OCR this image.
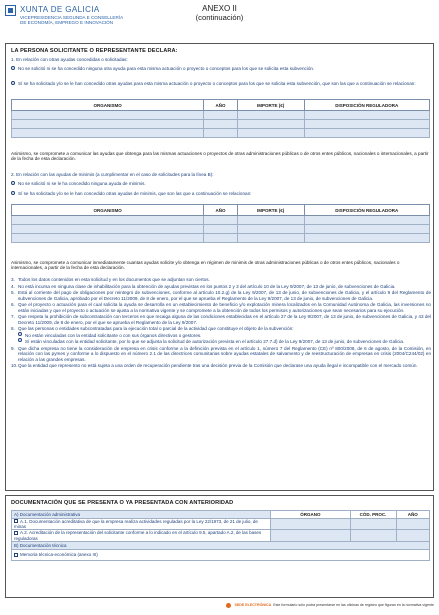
XUNTA DE GALICIA
VICEPRESIDENCIA SEGUNDA E CONSELLERÍA DE ECONOMÍA, EMPREGO E INNOVACIÓN
ANEXO II
(continuación)
LA PERSONA SOLICITANTE O REPRESENTANTE DECLARA:
1. En relación con otras ayudas concedidas o solicitadas:
No se solicitó ni se ha concedido ninguna otra ayuda para esta misma actuación o proyecto o conceptos para los que se solicita esta subvención.
Sí se ha solicitado y/o se le han concedido otras ayudas para esta misma actuación o proyecto o conceptos para los que se solicita esta subvención, que son las que a continuación se relacionan:
ORGANISMO	AÑO	IMPORTE (€)	DISPOSICIÓN REGULADORA

Asimismo, se compromete a comunicar las ayudas que obtenga para las mismas actuaciones o proyectos de otras administraciones públicas o de otros entes públicos, nacionales o internacionales, a partir de la fecha de esta declaración.
2. En relación con las ayudas de minimis (a cumplimentar en el caso de solicitudes para la línea B):
No se solicitó ni se le ha concedido ninguna ayuda de minimis.
Sí se ha solicitado y/o se le han concedido otras ayudas de minimis, que son las que a continuación se relacionan:
ORGANISMO	AÑO	IMPORTE (€)	DISPOSICIÓN REGULADORA

Asimismo, se compromete a comunicar inmediatamente cuantas ayudas solicite y/o obtenga en régimen de minimis de otras administraciones públicas o de otros entes públicos, nacionales o internacionales, a partir de la fecha de esta declaración.
3. Todos los datos contenidos en esta solicitud y en los documentos que se adjuntan son ciertos.
4. No está incursa en ninguna clase de inhabilitación para la obtención de ayudas previstas en los puntos 2 y 3 del artículo 10 de la Ley 9/2007, de 13 de junio, de subvenciones de Galicia.
5. Está al corriente del pago de obligaciones por reintegro de subvenciones, conforme al artículo 10.2.g) de la Ley 9/2007, de 13 de junio, de subvenciones de Galicia, y el artículo 9 del Reglamento de subvenciones de Galicia, aprobado por el Decreto 11/2009, de 8 de enero, por el que se aprueba el Reglamento de la Ley 9/2007, de 13 de junio, de subvenciones de Galicia.
6. Que el proyecto o actuación para el cual solicita la ayuda se desarrolla en un establecimiento de beneficio y/o explotación minera localizados en la Comunidad Autónoma de Galicia, las inversiones no están iniciadas y que el proyecto o actuación se ajusta a la normativa vigente y se compromete a la obtención de todos los permisos y autorizaciones que sean necesarios para su ejecución.
7. Que respeta la prohibición de subcontratación con terceros en que recaiga alguna de las condiciones establecidas en el artículo 27 de la Ley 9/2007, de 13 de junio, de subvenciones de Galicia, y 43 del Decreto 11/2009, de 8 de enero, por el que se aprueba el Reglamento de la Ley 9/2007.
8. Que las personas o entidades subcontratadas para la ejecución total o parcial de la actividad que constituye el objeto de la subvención:
No están vinculadas con la entidad solicitante o con sus órganos directivos o gestores.
Sí están vinculadas con la entidad solicitante, por lo que se adjunta la solicitud de autorización prevista en el artículo 27.7.d) de la Ley 9/2007, de 13 de junio, de subvenciones de Galicia.
9. Que dicha empresa no tiene la consideración de empresa en crisis conforme a la definición prevista en el artículo 1, número 7 del Reglamento (CE) nº 800/2008, de 6 de agosto, de la Comisión, en relación con las pymes y conforme a lo dispuesto en el número 2.1 de las directrices comunitarias sobre ayudas estatales de salvamento y de reestructuración de empresas en crisis (2004/C244/02) en relación a las grandes empresas.
10. Que la entidad que represento no está sujeta a una orden de recuperación pendiente tras una decisión previa de la Comisión que declarase una ayuda ilegal e incompatible con el mercado común.
DOCUMENTACIÓN QUE SE PRESENTA O YA PRESENTADA CON ANTERIORIDAD
A) Documentación administrativa	ÓRGANO	CÓD. PROC.	AÑO
A.1. Documentación acreditativa de que la empresa realiza actividades reguladas por la Ley 22/1973, de 21 de julio, de minas			
A.2. Acreditación de la representación del solicitante conforme a lo indicado en el artículo 9.5, apartado A.2, de las bases reguladoras			
B) Documentación técnica			
Memoria técnica-económica (anexo III)			
SEDE ELECTRÓNICA Este formulario sólo podrá presentarse en las oficinas de registro que figuran en la normativa vigente
